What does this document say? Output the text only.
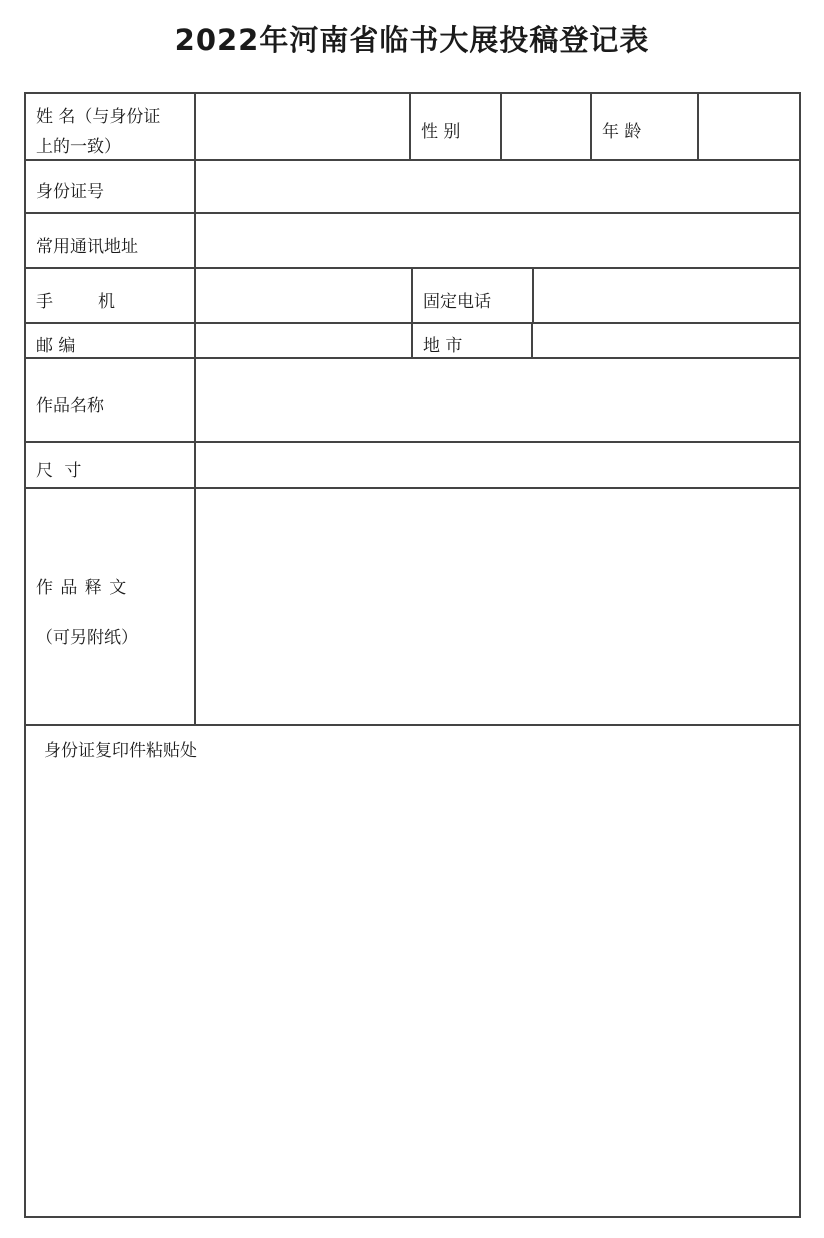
2022年河南省临书大展投稿登记表
姓 名（与身份证
上的一致）
性 别	年 龄
身份证号
常用通讯地址
手　机	固定电话
邮 编	地 市
作品名称
尺 寸
作 品 释 文
（可另附纸）
身份证复印件粘贴处
